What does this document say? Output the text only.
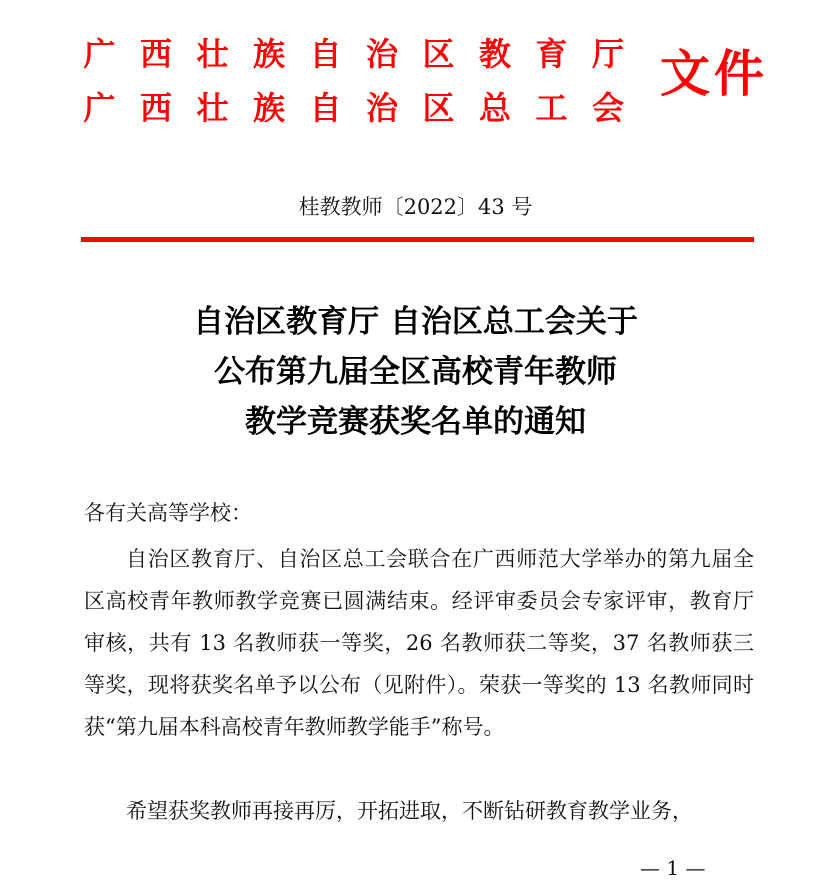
广 西 壮 族 自 治 区 教 育 厅
广 西 壮 族 自 治 区 总 工 会
文件
桂教教师〔2022〕43 号
自治区教育厅 自治区总工会关于
公布第九届全区高校青年教师
教学竞赛获奖名单的通知
各有关高等学校：
自治区教育厅、自治区总工会联合在广西师范大学举办的第九届全区高校青年教师教学竞赛已圆满结束。经评审委员会专家评审，教育厅审核，共有 13 名教师获一等奖，26 名教师获二等奖，37 名教师获三等奖，现将获奖名单予以公布（见附件）。荣获一等奖的 13 名教师同时获“第九届本科高校青年教师教学能手”称号。
希望获奖教师再接再厉，开拓进取，不断钻研教育教学业务，
— 1 —
